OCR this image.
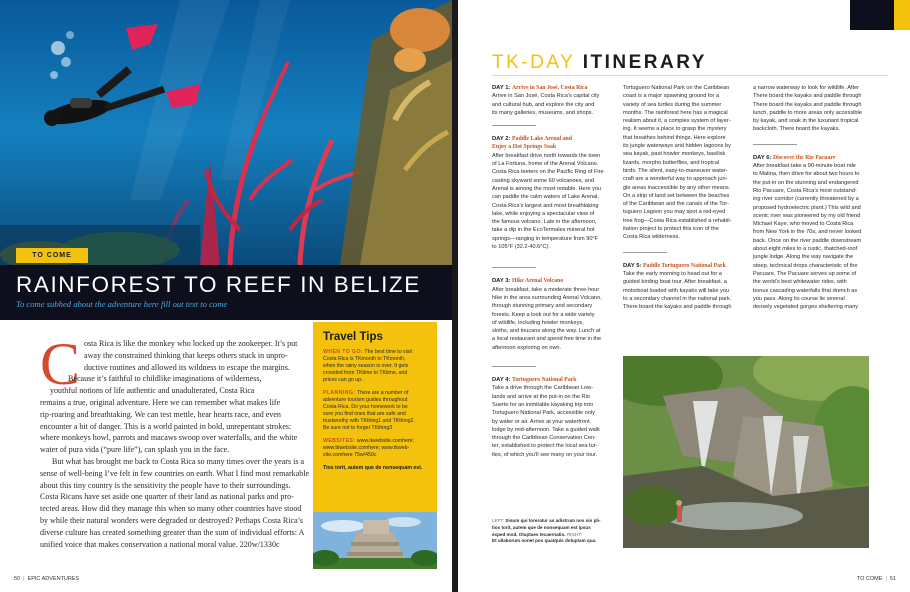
TO COME
RAINFOREST TO REEF IN BELIZE
To come subhed about the adventure here fill out text to come
C osta Rica is like the monkey who locked up the zookeeper. It’s put
away the constrained thinking that keeps others stuck in unpro-
ductive routines and allowed its wildness to escape the margins.
Because it’s faithful to childlike imaginations of wilderness,
youthful notions of life authentic and unadulterated, Costa Rica
remains a true, original adventure. Here we can remember what makes life
rip-roaring and breathtaking. We can test mettle, hear hearts race, and even
encounter a bit of danger. This is a world painted in bold, unrepentant strokes:
where monkeys howl, parrots and macaws swoop over waterfalls, and the white
water of pura vida (“pure life”), can splash you in the face.
But what has brought me back to Costa Rica so many times over the years is a
sense of well-being I’ve felt in few countries on earth. What I find most remarkable
about this tiny country is the sensitivity the people have to their surroundings.
Costa Ricans have set aside one quarter of their land as national parks and pro-
tected areas. How did they manage this when so many other countries have stood
by while their natural wonders were degraded or destroyed? Perhaps Costa Rica’s
diverse culture has created something greater than the sum of individual efforts: A
unified voice that makes conservation a national moral value. 220w/1330c
Travel Tips
WHEN TO GO: The best time to visit
Costa Rica is TKmonth to TKmonth,
when the rainy season is over. It gets
crowded from TKtime to TKtime, and
prices can go up.
PLANNING: There are a number of
adventure tourism guides throughout
Costa Rica. Do your homework to be
sure you find ones that are safe and
trustworthy with TKthing1 and TKthing2.
Be sure not to forget TKthing3
WEBSITES: www.tkwebsite.comhere;
www.tkwebsite.comhere; www.tkweb-
site.comhere 75w/450c
Tios torit, autem que de nonsequam est.
50 | EPIC ADVENTURES
TK-DAY ITINERARY
DAY 1: Arrive in San José, Costa Rica
Arrive in San José, Costa Rica’s capital city
and cultural hub, and explore the city and
its many galleries, museums, and shops.
DAY 2: Paddle Lake Arenal and
Enjoy a Hot Springs Soak
After breakfast drive north towards the town
of La Fortuna, home of the Arenal Volcano.
Costa Rica teeters on the Pacific Ring of Fire
casting skyward some 60 volcanoes, and
Arenal is among the most notable. Here you
can paddle the calm waters of Lake Arenal,
Costa Rica’s largest and most breathtaking
lake, while enjoying a spectacular view of
the famous volcano. Late in the afternoon,
take a dip in the EcoTermales mineral hot
springs—ranging in temperature from 90°F
to 105°F (32.2-40.6°C).
DAY 3: Hike Arenal Volcano
After breakfast, take a moderate three-hour
hike in the area surrounding Arenal Volcano,
through stunning primary and secondary
forests. Keep a look out for a wide variety
of wildlife, including howler monkeys,
sloths, and toucans along the way. Lunch at
a local restaurant and spend free time in the
afternoon exploring on own.
DAY 4: Tortuguero National Park
Take a drive through the Caribbean Low-
lands and arrive at the put-in on the Rio
Suerte for an inimitable kayaking trip into
Tortuguero National Park, accessible only
by water or air. Arrive at your waterfront
lodge by mid-afternoon. Take a guided walk
through the Caribbean Conservation Cen-
ter, established to protect the local sea tur-
tles, of which you’ll see many on your tour.
Tortuguero National Park on the Caribbean
coast is a major spawning ground for a
variety of sea turtles during the summer
months. The rainforest here has a magical
realism about it, a complex system of layer-
ing. It seems a place to grasp the mystery
that breathes behind things. Here explore
its jungle waterways and hidden lagoons by
sea kayak, past howler monkeys, basilisk
lizards, morpho butterflies, and tropical
birds. The silent, easy-to-maneuver water-
craft are a wonderful way to approach jun-
gle areas inaccessible by any other means.
On a strip of land set between the beaches
of the Caribbean and the canals of the Tor-
tuguero Lagoon you may spot a red-eyed
tree frog—Costa Rica established a rehabil-
itation project to protect this icon of the
Costa Rica wilderness.
DAY 5: Paddle Tortuguero National Park
Take the early morning to head out for a
guided birding boat tour. After breakfast, a
motorboat loaded with kayaks will take you
to a secondary channel in the national park.
There board the kayaks and paddle through
a narrow waterway to look for wildlife. After
There board the kayaks and paddle through
There board the kayaks and paddle through
lunch, paddle to more areas only accessible
by kayak, and soak in the luxuriant tropical
backcloth. There board the kayaks.
DAY 6: Discover the Rio Pacuare
After breakfast take a 90-minute boat ride
to Matina, then drive for about two hours to
the put-in on the stunning and endangered
Rio Pacuare, Costa Rica’s most outstand-
ing river corridor (currently threatened by a
proposed hydroelectric plant.) This wild and
scenic river was pioneered by my old friend
Michael Kaye, who moved to Costa Rica
from New York in the 70s, and never looked
back. Once on the river paddle downstream
about eight miles to a rustic, thatched-roof
jungle lodge. Along the way navigate the
steep, technical drops characteristic of the
Pacuare. The Pacuare serves up some of
the world’s best whitewater rides, with
bonus cascading waterfalls that drench as
you pass. Along its course lie several
densely vegetated gorges sheltering many
LEFT: Sinum qui toreratur as adistrum nos sin pli-
tios torit, autem que de nonsequam est ipsus
exped mod. Oluptaes tecaernatio. RIGHT:
Et ullaborum nonet pos quatquis doluptam qua.
TO COME | 51
